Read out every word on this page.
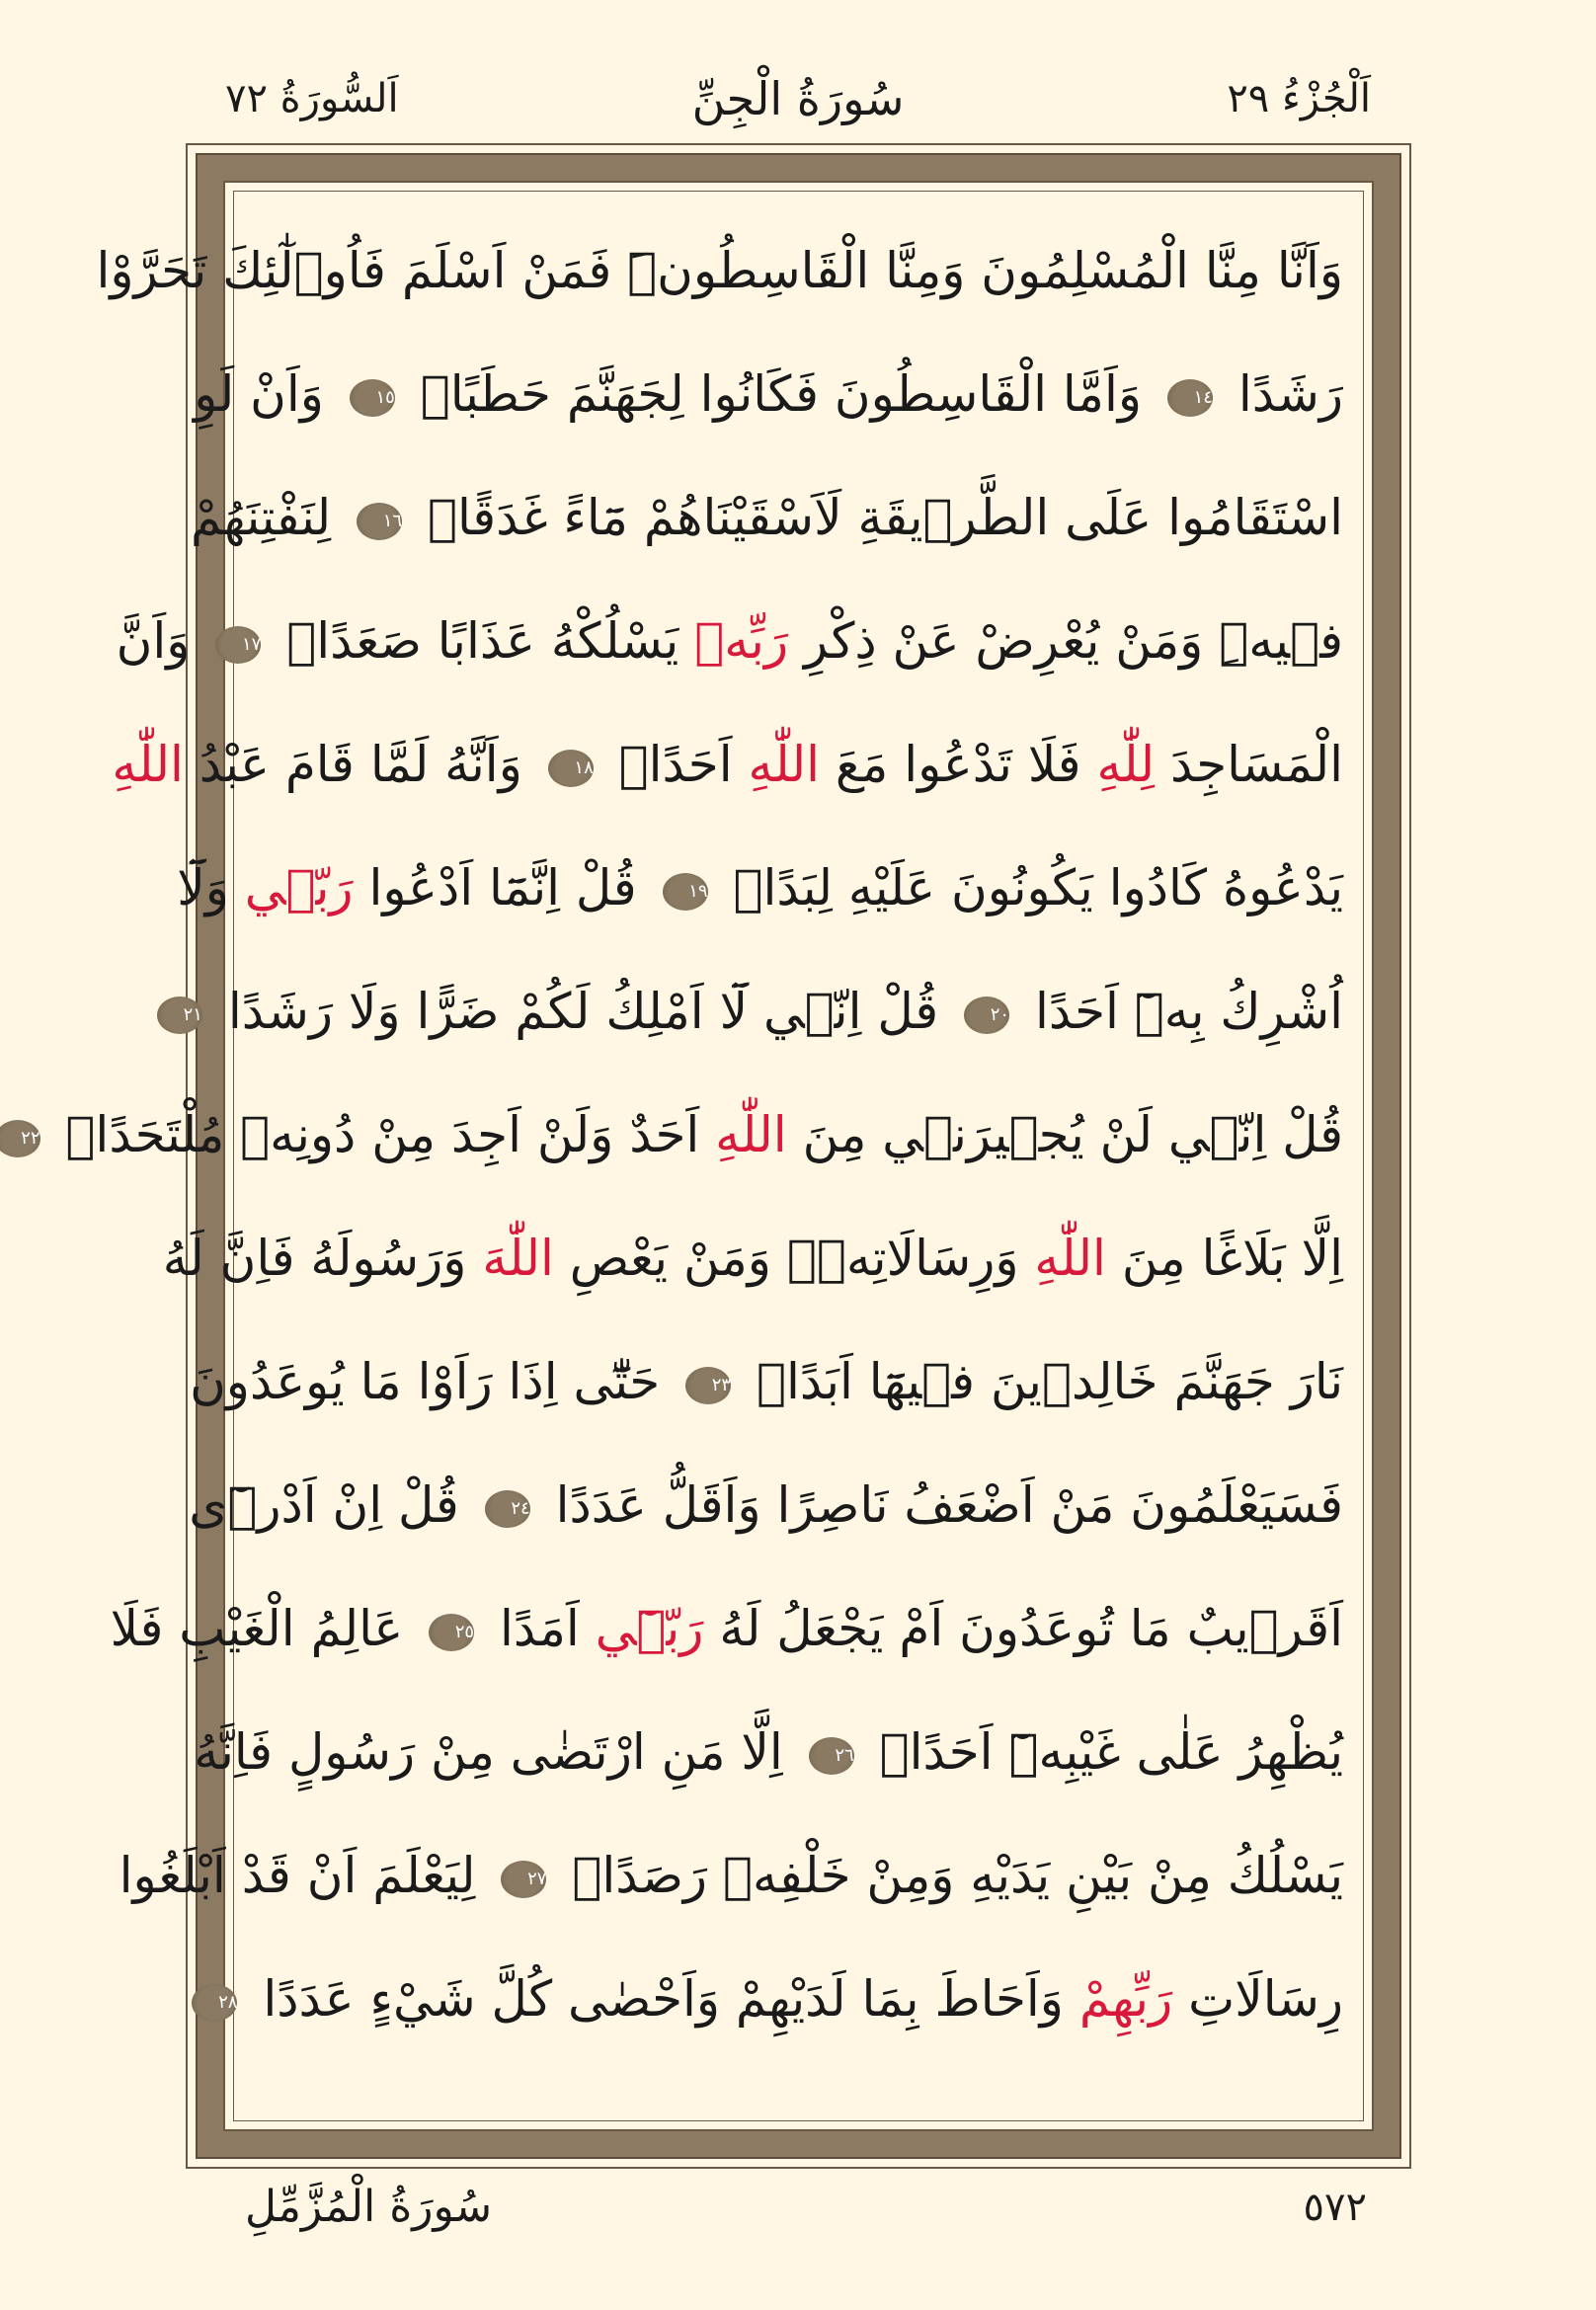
اَلْجُزْءُ ٢٩
سُورَةُ الْجِنِّ
اَلسُّورَةُ ٧٢
وَاَنَّا مِنَّا الْمُسْلِمُونَ وَمِنَّا الْقَاسِطُونَۜ فَمَنْ اَسْلَمَ فَاُو۬لٰٓئِكَ تَحَرَّوْا
رَشَدًا ١٤ وَاَمَّا الْقَاسِطُونَ فَكَانُوا لِجَهَنَّمَ حَطَبًاۙ ١٥ وَاَنْ لَوِ
اسْتَقَامُوا عَلَى الطَّرٖيقَةِ لَاَسْقَيْنَاهُمْ مَٓاءً غَدَقًاۙ ١٦ لِنَفْتِنَهُمْ
فٖيهِۜ وَمَنْ يُعْرِضْ عَنْ ذِكْرِ رَبِّهٖ يَسْلُكْهُ عَذَابًا صَعَدًاۙ ١٧ وَاَنَّ
الْمَسَاجِدَ لِلّٰهِ فَلَا تَدْعُوا مَعَ اللّٰهِ اَحَدًاۙ ١٨ وَاَنَّهُ لَمَّا قَامَ عَبْدُ اللّٰهِ
يَدْعُوهُ كَادُوا يَكُونُونَ عَلَيْهِ لِبَدًاۜ ١٩ قُلْ اِنَّمَٓا اَدْعُوا رَبّٖي وَلَٓا
اُشْرِكُ بِهٖٓ اَحَدًا ٢٠ قُلْ اِنّٖي لَٓا اَمْلِكُ لَكُمْ ضَرًّا وَلَا رَشَدًا ٢١
قُلْ اِنّٖي لَنْ يُجٖيرَنٖي مِنَ اللّٰهِ اَحَدٌ وَلَنْ اَجِدَ مِنْ دُونِهٖ مُلْتَحَدًاۙ ٢٢
اِلَّا بَلَاغًا مِنَ اللّٰهِ وَرِسَالَاتِهٖۜ وَمَنْ يَعْصِ اللّٰهَ وَرَسُولَهُ فَاِنَّ لَهُ
نَارَ جَهَنَّمَ خَالِدٖينَ فٖيهَٓا اَبَدًاۜ ٢٣ حَتّٰٓى اِذَا رَاَوْا مَا يُوعَدُونَ
فَسَيَعْلَمُونَ مَنْ اَضْعَفُ نَاصِرًا وَاَقَلُّ عَدَدًا ٢٤ قُلْ اِنْ اَدْرٖٓى
اَقَرٖيبٌ مَا تُوعَدُونَ اَمْ يَجْعَلُ لَهُ رَبّٖٓي اَمَدًا ٢٥ عَالِمُ الْغَيْبِ فَلَا
يُظْهِرُ عَلٰى غَيْبِهٖٓ اَحَدًاۙ ٢٦ اِلَّا مَنِ ارْتَضٰى مِنْ رَسُولٍ فَاِنَّهُ
يَسْلُكُ مِنْ بَيْنِ يَدَيْهِ وَمِنْ خَلْفِهٖ رَصَدًاۙ ٢٧ لِيَعْلَمَ اَنْ قَدْ اَبْلَغُوا
رِسَالَاتِ رَبِّهِمْ وَاَحَاطَ بِمَا لَدَيْهِمْ وَاَحْصٰى كُلَّ شَيْءٍ عَدَدًا ٢٨
٥٧٢
سُورَةُ الْمُزَّمِّلِ
